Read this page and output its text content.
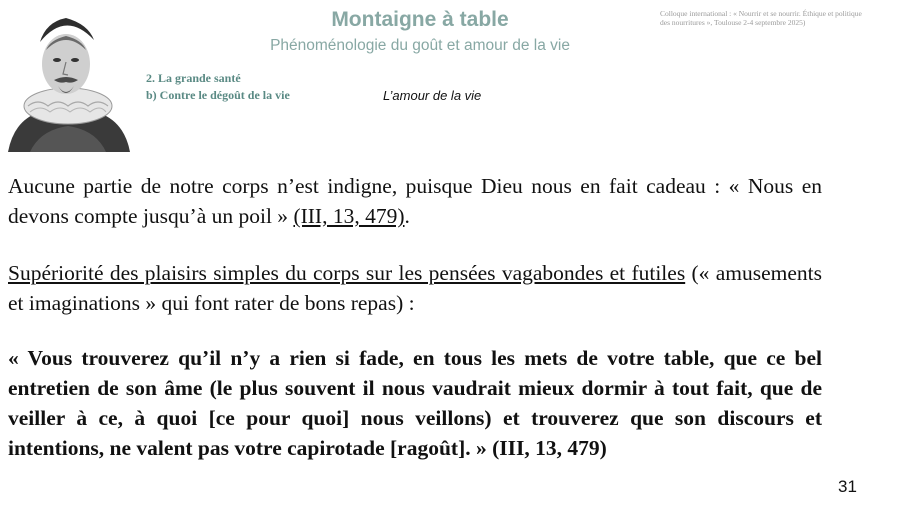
Montaigne à table
Phénoménologie du goût et amour de la vie
Colloque international : « Nourrir et se nourrir. Éthique et politique
des nourritures », Toulouse 2-4 septembre 2025)
2. La grande santé
b) Contre le dégoût de la vie	L’amour de la vie
Aucune partie de notre corps n’est indigne, puisque Dieu nous en fait cadeau : « Nous en devons compte jusqu’à un poil » (III, 13, 479).
Supériorité des plaisirs simples du corps sur les pensées vagabondes et futiles (« amusements et imaginations » qui font rater de bons repas) :
« Vous trouverez qu’il n’y a rien si fade, en tous les mets de votre table, que ce bel entretien de son âme (le plus souvent il nous vaudrait mieux dormir à tout fait, que de veiller à ce, à quoi [ce pour quoi] nous veillons) et trouverez que son discours et intentions, ne valent pas votre capirotade [ragoût]. » (III, 13, 479)
31
